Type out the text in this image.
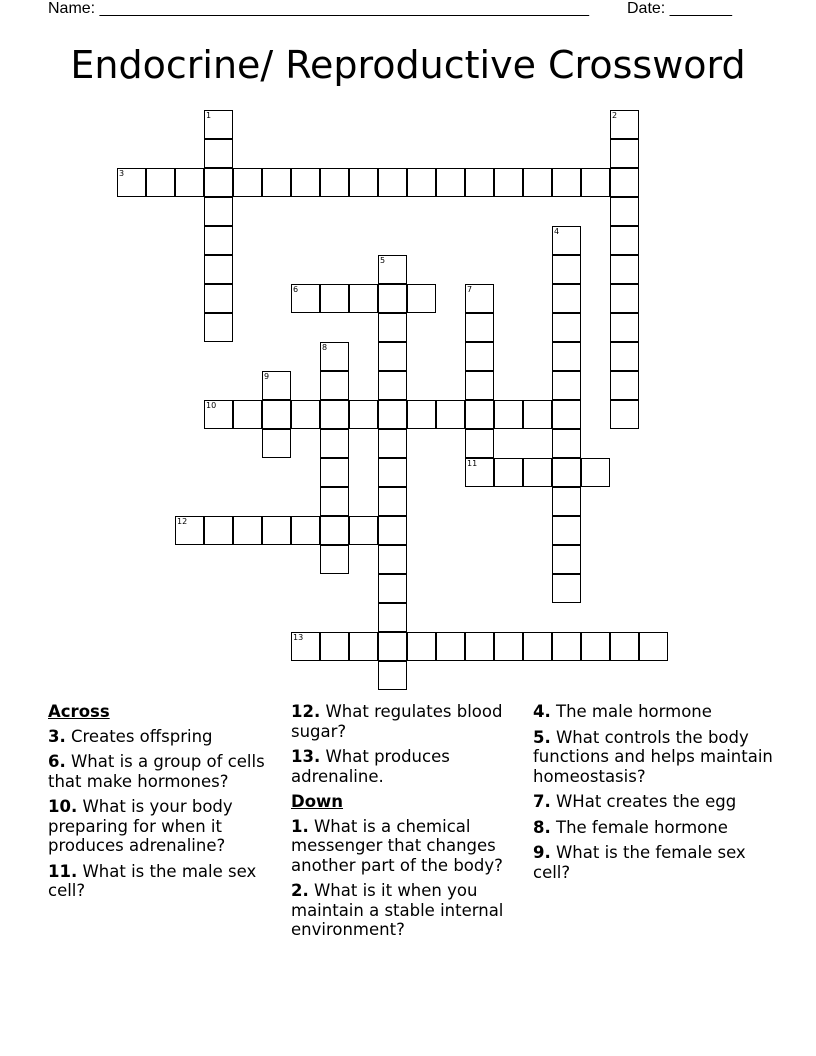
Name: _______________________________________________________ Date: _______
Endocrine/ Reproductive Crossword
1	2
3
4
5
6	7
11
8
9
10
12
13
Across
3. Creates offspring
6. What is a group of cells that make hormones?
10. What is your body preparing for when it produces adrenaline?
11. What is the male sex cell?
12. What regulates blood sugar?
13. What produces adrenaline.
Down
1. What is a chemical messenger that changes another part of the body?
2. What is it when you maintain a stable internal environment?
4. The male hormone
5. What controls the body functions and helps maintain homeostasis?
7. WHat creates the egg
8. The female hormone
9. What is the female sex cell?
